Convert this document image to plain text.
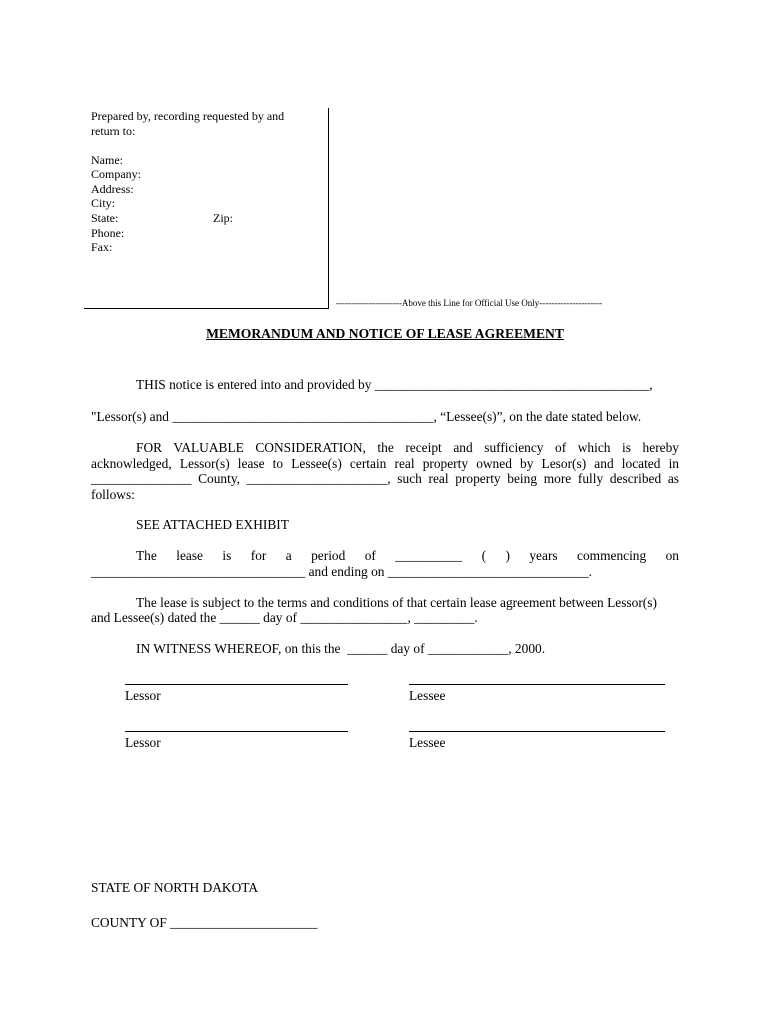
Prepared by, recording requested by and
return to:
Name:
Company:
Address:
City:
State:	Zip:
Phone:
Fax:
----------------------Above this Line for Official Use Only---------------------
MEMORANDUM AND NOTICE OF LEASE AGREEMENT
THIS notice is entered into and provided by _________________________________________,
"Lessor(s) and _______________________________________, “Lessee(s)”, on the date stated below.
FOR VALUABLE CONSIDERATION, the receipt and sufficiency of which is hereby
acknowledged, Lessor(s) lease to Lessee(s) certain real property owned by Lesor(s) and located in
_______________ County, _____________________, such real property being more fully described as
follows:
SEE ATTACHED EXHIBIT
The lease is for a period of __________ ( ) years commencing on
________________________________ and ending on ______________________________.
The lease is subject to the terms and conditions of that certain lease agreement between Lessor(s)
and Lessee(s) dated the ______ day of ________________, _________.
IN WITNESS WHEREOF, on this the  ______ day of ____________, 2000.
Lessor	Lessee
Lessor	Lessee
STATE OF NORTH DAKOTA
COUNTY OF ______________________
